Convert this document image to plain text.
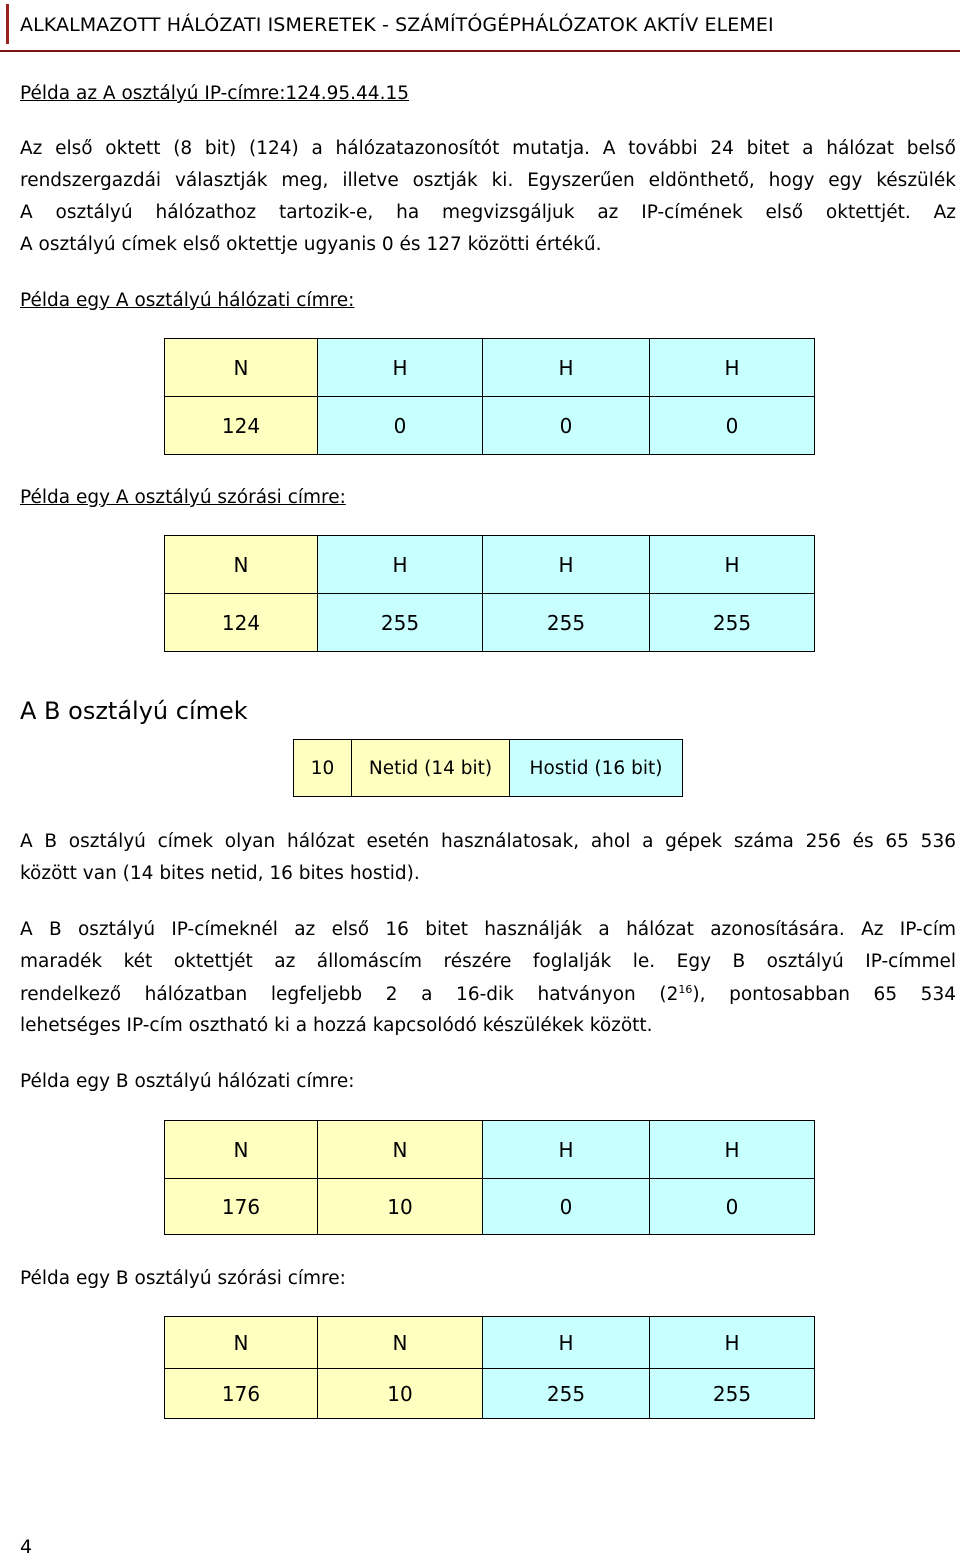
ALKALMAZOTT HÁLÓZATI ISMERETEK - SZÁMÍTÓGÉPHÁLÓZATOK AKTÍV ELEMEI
Példa az A osztályú IP-címre:124.95.44.15
Az első oktett (8 bit) (124) a hálózatazonosítót mutatja. A további 24 bitet a hálózat belső
rendszergazdái választják meg, illetve osztják ki. Egyszerűen eldönthető, hogy egy készülék
A osztályú hálózathoz tartozik-e, ha megvizsgáljuk az IP-címének első oktettjét. Az
A osztályú címek első oktettje ugyanis 0 és 127 közötti értékű.
Példa egy A osztályú hálózati címre:
N	H	H	H
124	0	0	0
Példa egy A osztályú szórási címre:
N	H	H	H
124	255	255	255
A B osztályú címek
10	Netid (14 bit)	Hostid (16 bit)
A B osztályú címek olyan hálózat esetén használatosak, ahol a gépek száma 256 és 65 536
között van (14 bites netid, 16 bites hostid).
A B osztályú IP-címeknél az első 16 bitet használják a hálózat azonosítására. Az IP-cím
maradék két oktettjét az állomáscím részére foglalják le. Egy B osztályú IP-címmel
rendelkező hálózatban legfeljebb 2 a 16-dik hatványon $(2^{16})$, pontosabban 65 534
lehetséges IP-cím osztható ki a hozzá kapcsolódó készülékek között.
Példa egy B osztályú hálózati címre:
N	N	H	H
176	10	0	0
Példa egy B osztályú szórási címre:
N	N	H	H
176	10	255	255
4
